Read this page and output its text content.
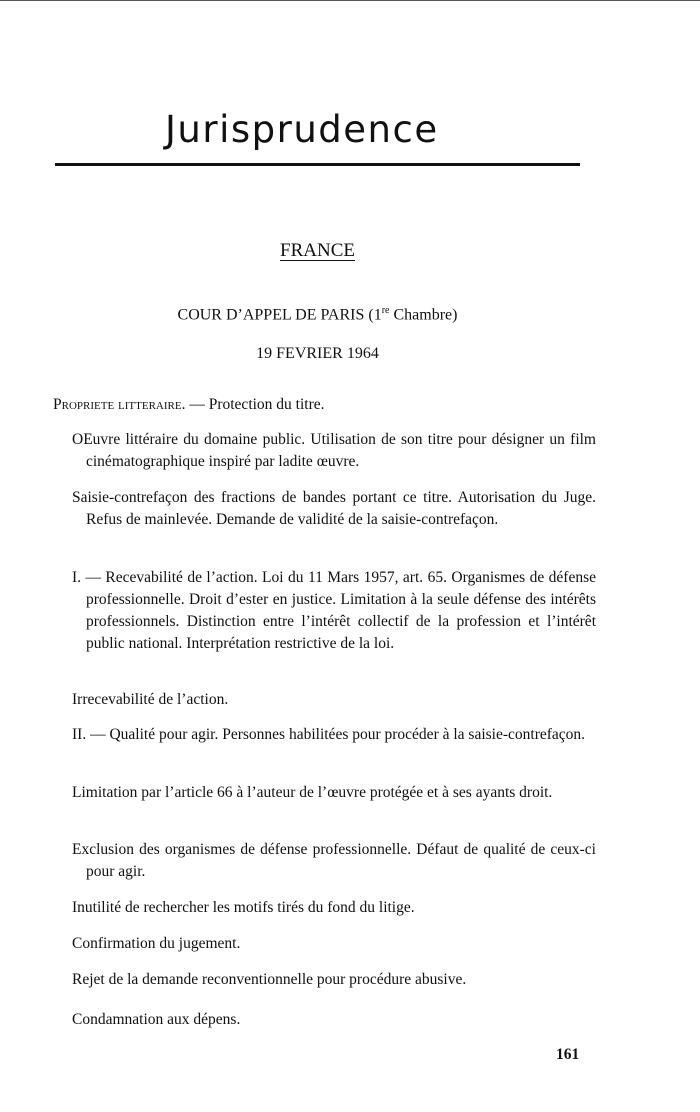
Jurisprudence
FRANCE
COUR D’APPEL DE PARIS (1re Chambre)
19 FEVRIER 1964
Propriete litteraire. — Protection du titre.
OEuvre littéraire du domaine public. Utilisation de son titre pour désigner un film cinématographique inspiré par ladite œuvre.
Saisie-contrefaçon des fractions de bandes portant ce titre. Autorisation du Juge. Refus de mainlevée. Demande de validité de la saisie-contrefaçon.
I. — Recevabilité de l’action. Loi du 11 Mars 1957, art. 65. Organismes de défense professionnelle. Droit d’ester en justice. Limitation à la seule défense des intérêts professionnels. Distinction entre l’intérêt collectif de la profession et l’intérêt public national. Interprétation restrictive de la loi.
Irrecevabilité de l’action.
II. — Qualité pour agir. Personnes habilitées pour procéder à la saisie-contrefaçon.
Limitation par l’article 66 à l’auteur de l’œuvre protégée et à ses ayants droit.
Exclusion des organismes de défense professionnelle. Défaut de qualité de ceux-ci pour agir.
Inutilité de rechercher les motifs tirés du fond du litige.
Confirmation du jugement.
Rejet de la demande reconventionnelle pour procédure abusive.
Condamnation aux dépens.
161
